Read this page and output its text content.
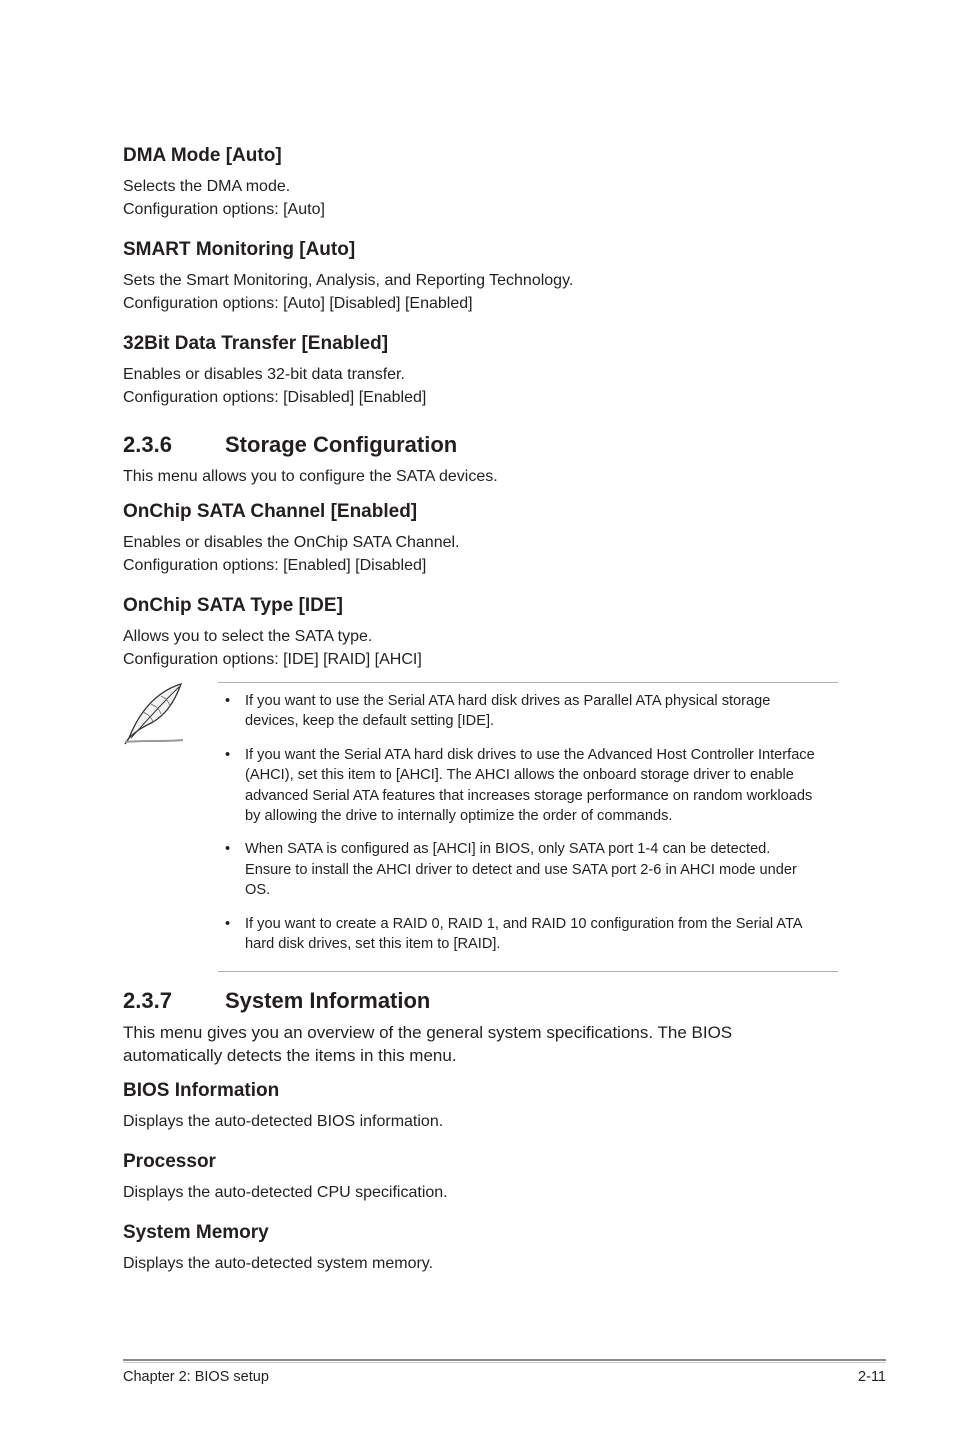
DMA Mode [Auto]

Selects the DMA mode.

Configuration options: [Auto]

SMART Monitoring [Auto]

Sets the Smart Monitoring, Analysis, and Reporting Technology.

Configuration options: [Auto] [Disabled] [Enabled]

32Bit Data Transfer [Enabled]

Enables or disables 32-bit data transfer.

Configuration options: [Disabled] [Enabled]

2.3.6	Storage Configuration

This menu allows you to configure the SATA devices.

OnChip SATA Channel [Enabled]

Enables or disables the OnChip SATA Channel.

Configuration options: [Enabled] [Disabled]

OnChip SATA Type [IDE]

Allows you to select the SATA type.

Configuration options: [IDE] [RAID] [AHCI]

•	If you want to use the Serial ATA hard disk drives as Parallel ATA physical storage
devices, keep the default setting [IDE].
•	If you want the Serial ATA hard disk drives to use the Advanced Host Controller Interface
(AHCI), set this item to [AHCI]. The AHCI allows the onboard storage driver to enable
advanced Serial ATA features that increases storage performance on random workloads
by allowing the drive to internally optimize the order of commands.
•	When SATA is configured as [AHCI] in BIOS, only SATA port 1-4 can be detected.
Ensure to install the AHCI driver to detect and use SATA port 2-6 in AHCI mode under
OS.
•	If you want to create a RAID 0, RAID 1, and RAID 10 configuration from the Serial ATA
hard disk drives, set this item to [RAID].
2.3.7	System Information

This menu gives you an overview of the general system specifications. The BIOS
automatically detects the items in this menu.

BIOS Information

Displays the auto-detected BIOS information.

Processor

Displays the auto-detected CPU specification.

System Memory

Displays the auto-detected system memory.

Chapter 2: BIOS setup	2-11
